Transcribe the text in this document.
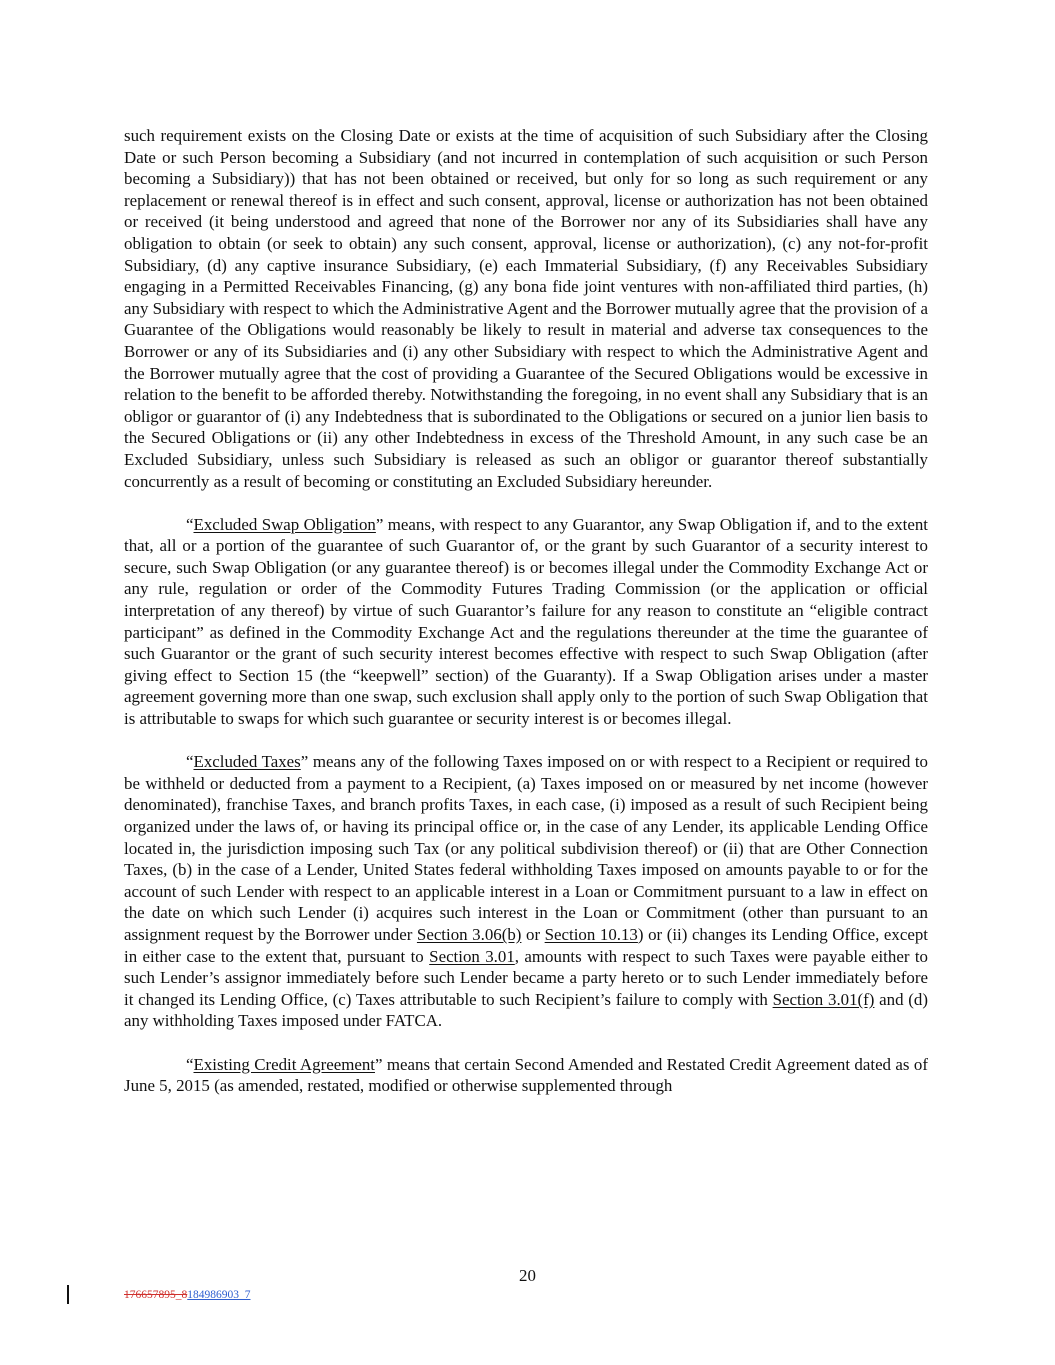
such requirement exists on the Closing Date or exists at the time of acquisition of such Subsidiary after the Closing Date or such Person becoming a Subsidiary (and not incurred in contemplation of such acquisition or such Person becoming a Subsidiary)) that has not been obtained or received, but only for so long as such requirement or any replacement or renewal thereof is in effect and such consent, approval, license or authorization has not been obtained or received (it being understood and agreed that none of the Borrower nor any of its Subsidiaries shall have any obligation to obtain (or seek to obtain) any such consent, approval, license or authorization), (c) any not-for-profit Subsidiary, (d) any captive insurance Subsidiary, (e) each Immaterial Subsidiary, (f) any Receivables Subsidiary engaging in a Permitted Receivables Financing, (g) any bona fide joint ventures with non-affiliated third parties, (h) any Subsidiary with respect to which the Administrative Agent and the Borrower mutually agree that the provision of a Guarantee of the Obligations would reasonably be likely to result in material and adverse tax consequences to the Borrower or any of its Subsidiaries and (i) any other Subsidiary with respect to which the Administrative Agent and the Borrower mutually agree that the cost of providing a Guarantee of the Secured Obligations would be excessive in relation to the benefit to be afforded thereby. Notwithstanding the foregoing, in no event shall any Subsidiary that is an obligor or guarantor of (i) any Indebtedness that is subordinated to the Obligations or secured on a junior lien basis to the Secured Obligations or (ii) any other Indebtedness in excess of the Threshold Amount, in any such case be an Excluded Subsidiary, unless such Subsidiary is released as such an obligor or guarantor thereof substantially concurrently as a result of becoming or constituting an Excluded Subsidiary hereunder.

“Excluded Swap Obligation” means, with respect to any Guarantor, any Swap Obligation if, and to the extent that, all or a portion of the guarantee of such Guarantor of, or the grant by such Guarantor of a security interest to secure, such Swap Obligation (or any guarantee thereof) is or becomes illegal under the Commodity Exchange Act or any rule, regulation or order of the Commodity Futures Trading Commission (or the application or official interpretation of any thereof) by virtue of such Guarantor’s failure for any reason to constitute an “eligible contract participant” as defined in the Commodity Exchange Act and the regulations thereunder at the time the guarantee of such Guarantor or the grant of such security interest becomes effective with respect to such Swap Obligation (after giving effect to Section 15 (the “keepwell” section) of the Guaranty). If a Swap Obligation arises under a master agreement governing more than one swap, such exclusion shall apply only to the portion of such Swap Obligation that is attributable to swaps for which such guarantee or security interest is or becomes illegal.

“Excluded Taxes” means any of the following Taxes imposed on or with respect to a Recipient or required to be withheld or deducted from a payment to a Recipient, (a) Taxes imposed on or measured by net income (however denominated), franchise Taxes, and branch profits Taxes, in each case, (i) imposed as a result of such Recipient being organized under the laws of, or having its principal office or, in the case of any Lender, its applicable Lending Office located in, the jurisdiction imposing such Tax (or any political subdivision thereof) or (ii) that are Other Connection Taxes, (b) in the case of a Lender, United States federal withholding Taxes imposed on amounts payable to or for the account of such Lender with respect to an applicable interest in a Loan or Commitment pursuant to a law in effect on the date on which such Lender (i) acquires such interest in the Loan or Commitment (other than pursuant to an assignment request by the Borrower under Section 3.06(b) or Section 10.13) or (ii) changes its Lending Office, except in either case to the extent that, pursuant to Section 3.01, amounts with respect to such Taxes were payable either to such Lender’s assignor immediately before such Lender became a party hereto or to such Lender immediately before it changed its Lending Office, (c) Taxes attributable to such Recipient’s failure to comply with Section 3.01(f) and (d) any withholding Taxes imposed under FATCA.

“Existing Credit Agreement” means that certain Second Amended and Restated Credit Agreement dated as of June 5, 2015 (as amended, restated, modified or otherwise supplemented through

20
176657895_8184986903_7
